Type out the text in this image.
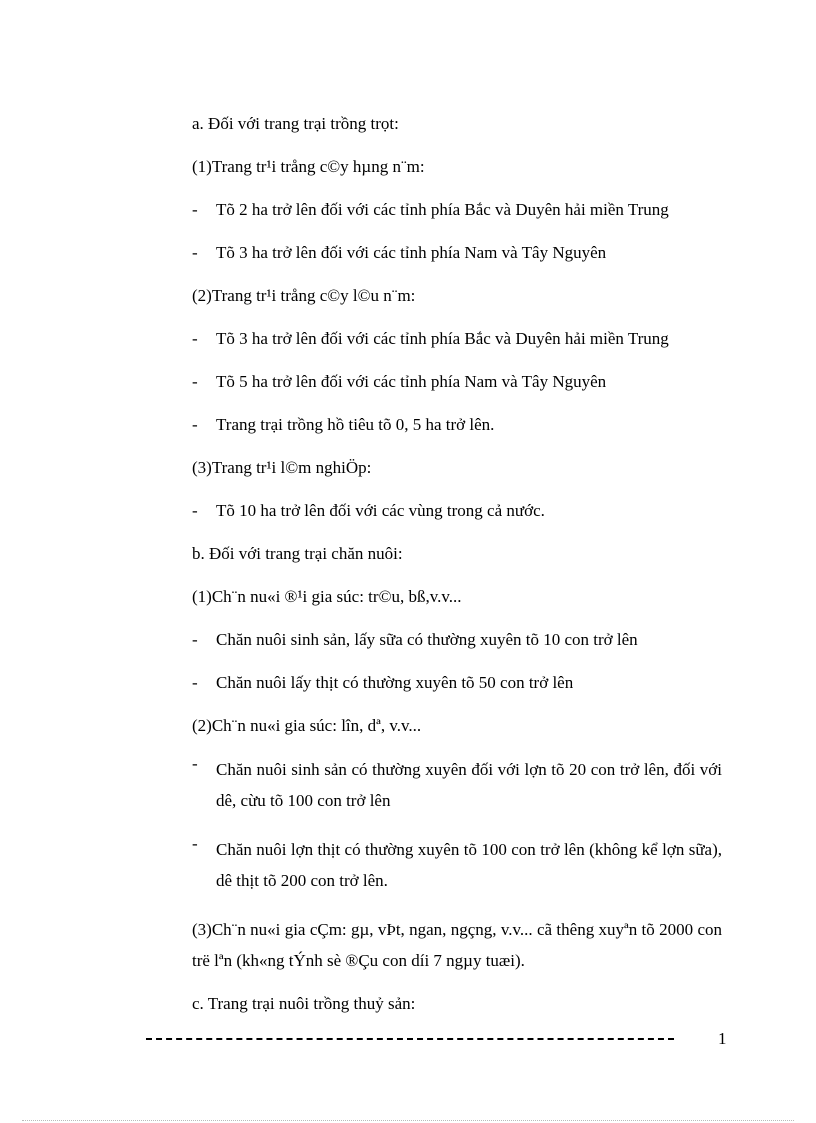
a. Đối với trang trại trồng trọt:
(1)Trang tr¹i trång c©y hµng n¨m:
- Tõ 2 ha trở lên đối với các tỉnh phía Bắc và Duyên hải miền Trung
- Tõ 3 ha trở lên đối với các tỉnh phía Nam và Tây Nguyên
(2)Trang tr¹i trång c©y l©u n¨m:
- Tõ 3 ha trở lên đối với các tỉnh phía Bắc và Duyên hải miền Trung
- Tõ 5 ha trở lên đối với các tỉnh phía Nam và Tây Nguyên
- Trang trại trồng hồ tiêu tõ 0, 5 ha trở lên.
(3)Trang tr¹i l©m nghiÖp:
- Tõ 10 ha trở lên đối với các vùng trong cả nước.
b. Đối với trang trại chăn nuôi:
(1)Ch¨n nu«i ®¹i gia súc: tr©u, bß,v.v...
- Chăn nuôi sinh sản, lấy sữa có thường xuyên tõ 10 con trở lên
- Chăn nuôi lấy thịt có thường xuyên tõ 50 con trở lên
(2)Ch¨n nu«i gia súc: lîn, dª, v.v...
- Chăn nuôi sinh sản có thường xuyên đối với lợn tõ 20 con trở lên, đối với dê, cừu tõ 100 con trở lên
- Chăn nuôi lợn thịt có thường xuyên tõ 100 con trở lên (không kể lợn sữa), dê thịt tõ 200 con trở lên.
(3)Ch¨n nu«i gia cÇm: gµ, vÞt, ngan, ngçng, v.v... cã thêng xuyªn tõ 2000 con trë lªn (kh«ng tÝnh sè ®Çu con díi 7 ngµy tuæi).
c. Trang trại nuôi trồng thuỷ sản:
1
